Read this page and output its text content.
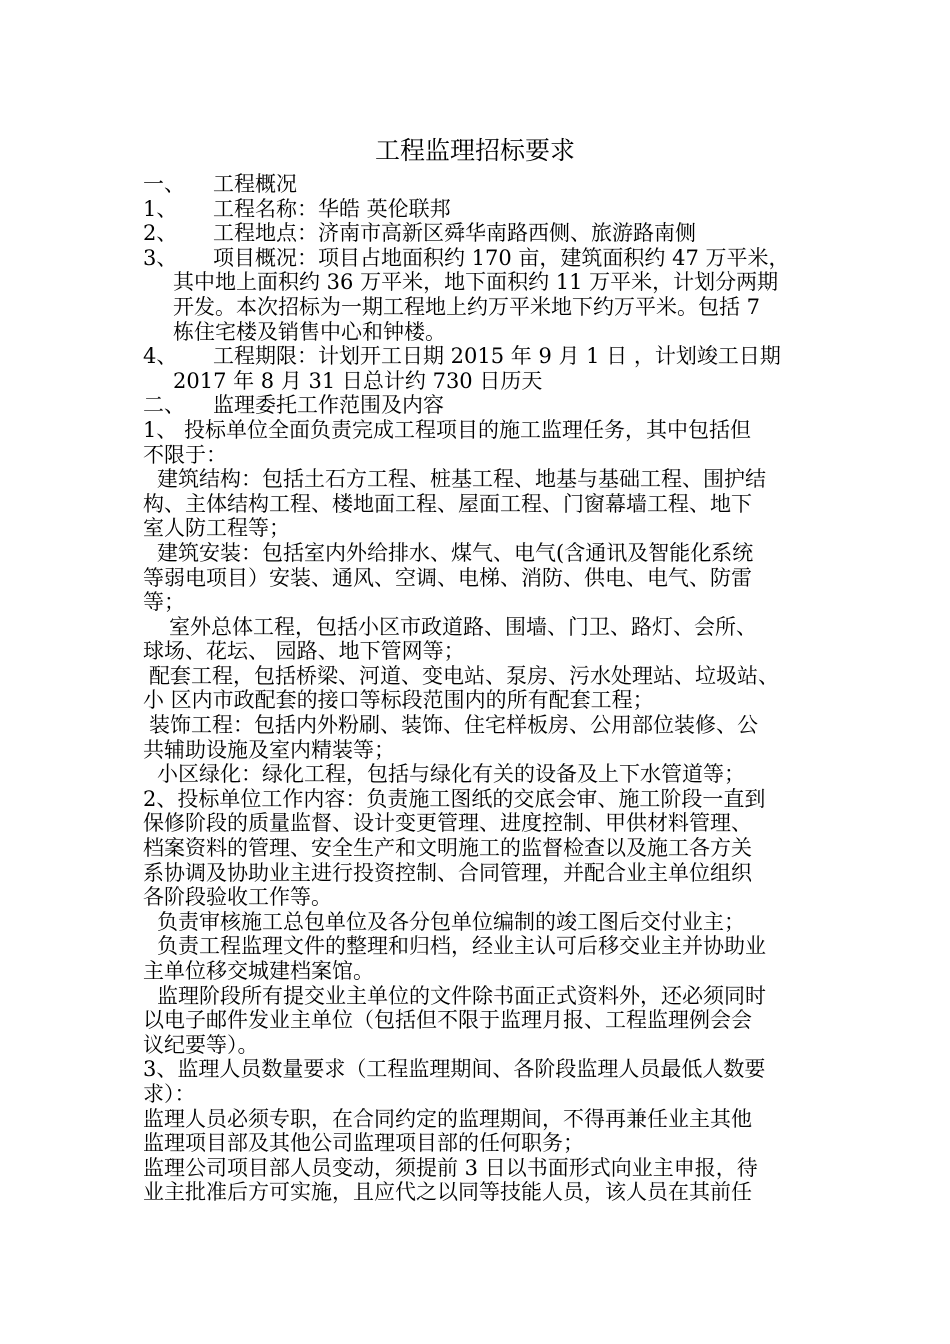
工程监理招标要求
一、 工程概况
1、 工程名称：华皓 英伦联邦
2、 工程地点：济南市高新区舜华南路西侧、旅游路南侧
3、 项目概况：项目占地面积约 170 亩，建筑面积约 47 万平米，
其中地上面积约 36 万平米，地下面积约 11 万平米，计划分两期
开发。本次招标为一期工程地上约万平米地下约万平米。包括 7
栋住宅楼及销售中心和钟楼。
4、 工程期限：计划开工日期 2015 年 9 月 1 日 ，计划竣工日期
2017 年 8 月 31 日总计约 730 日历天
二、 监理委托工作范围及内容
1、 投标单位全面负责完成工程项目的施工监理任务，其中包括但
不限于：
建筑结构：包括土石方工程、桩基工程、地基与基础工程、围护结
构、主体结构工程、楼地面工程、屋面工程、门窗幕墙工程、地下
室人防工程等；
建筑安装：包括室内外给排水、煤气、电气(含通讯及智能化系统
等弱电项目）安装、通风、空调、电梯、消防、供电、电气、防雷
等；
室外总体工程，包括小区市政道路、围墙、门卫、路灯、会所、
球场、花坛、 园路、地下管网等；
配套工程，包括桥梁、河道、变电站、泵房、污水处理站、垃圾站、
小 区内市政配套的接口等标段范围内的所有配套工程；
装饰工程：包括内外粉刷、装饰、住宅样板房、公用部位装修、公
共辅助设施及室内精装等；
小区绿化：绿化工程，包括与绿化有关的设备及上下水管道等；
2、投标单位工作内容：负责施工图纸的交底会审、施工阶段一直到
保修阶段的质量监督、设计变更管理、进度控制、甲供材料管理、
档案资料的管理、安全生产和文明施工的监督检查以及施工各方关
系协调及协助业主进行投资控制、合同管理，并配合业主单位组织
各阶段验收工作等。
负责审核施工总包单位及各分包单位编制的竣工图后交付业主；
负责工程监理文件的整理和归档，经业主认可后移交业主并协助业
主单位移交城建档案馆。
监理阶段所有提交业主单位的文件除书面正式资料外，还必须同时
以电子邮件发业主单位（包括但不限于监理月报、工程监理例会会
议纪要等）。
3、监理人员数量要求（工程监理期间、各阶段监理人员最低人数要
求）：
监理人员必须专职，在合同约定的监理期间，不得再兼任业主其他
监理项目部及其他公司监理项目部的任何职务；
监理公司项目部人员变动，须提前 3 日以书面形式向业主申报，待
业主批准后方可实施，且应代之以同等技能人员，该人员在其前任
